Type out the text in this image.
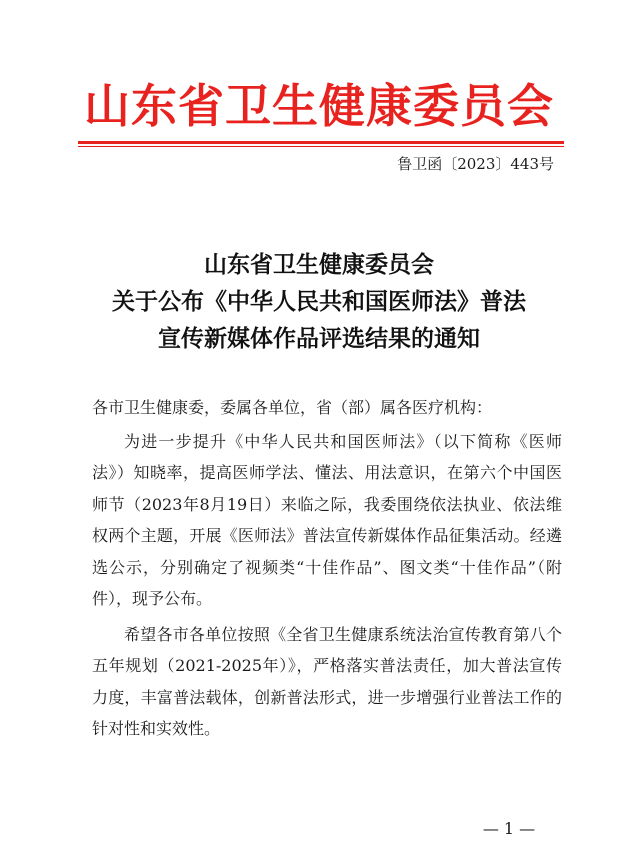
山东省卫生健康委员会
鲁卫函〔2023〕443号
山东省卫生健康委员会
关于公布《中华人民共和国医师法》普法
宣传新媒体作品评选结果的通知

各市卫生健康委，委属各单位，省（部）属各医疗机构：

为进一步提升《中华人民共和国医师法》（以下简称《医师法》）知晓率，提高医师学法、懂法、用法意识，在第六个中国医师节（2023年8月19日）来临之际，我委围绕依法执业、依法维权两个主题，开展《医师法》普法宣传新媒体作品征集活动。经遴选公示，分别确定了视频类“十佳作品”、图文类“十佳作品”（附件），现予公布。

希望各市各单位按照《全省卫生健康系统法治宣传教育第八个五年规划（2021-2025年）》，严格落实普法责任，加大普法宣传力度，丰富普法载体，创新普法形式，进一步增强行业普法工作的针对性和实效性。

— 1 —
